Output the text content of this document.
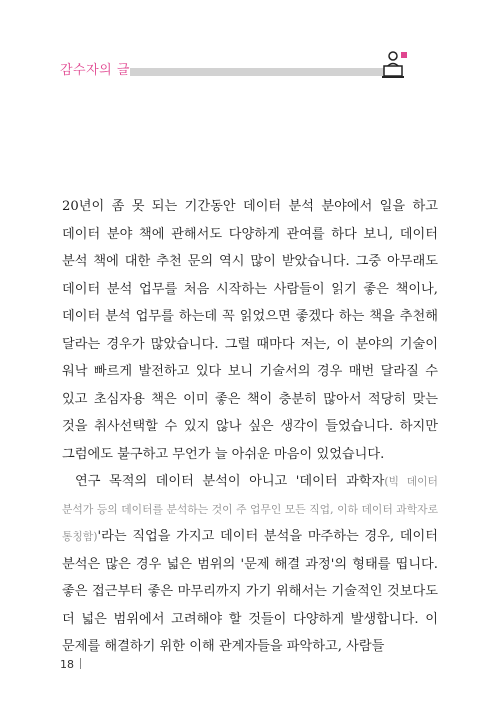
감수자의 글

20년이 좀 못 되는 기간동안 데이터 분석 분야에서 일을 하고 데이터 분야 책에 관해서도 다양하게 관여를 하다 보니, 데이터 분석 책에 대한 추천 문의 역시 많이 받았습니다. 그중 아무래도 데이터 분석 업무를 처음 시작하는 사람들이 읽기 좋은 책이나, 데이터 분석 업무를 하는데 꼭 읽었으면 좋겠다 하는 책을 추천해 달라는 경우가 많았습니다. 그럴 때마다 저는, 이 분야의 기술이 워낙 빠르게 발전하고 있다 보니 기술서의 경우 매번 달라질 수 있고 초심자용 책은 이미 좋은 책이 충분히 많아서 적당히 맞는 것을 취사선택할 수 있지 않나 싶은 생각이 들었습니다. 하지만 그럼에도 불구하고 무언가 늘 아쉬운 마음이 있었습니다.

연구 목적의 데이터 분석이 아니고 '데이터 과학자(빅 데이터 분석가 등의 데이터를 분석하는 것이 주 업무인 모든 직업, 이하 데이터 과학자로 통칭함)'라는 직업을 가지고 데이터 분석을 마주하는 경우, 데이터 분석은 많은 경우 넓은 범위의 '문제 해결 과정'의 형태를 띱니다. 좋은 접근부터 좋은 마무리까지 가기 위해서는 기술적인 것보다도 더 넓은 범위에서 고려해야 할 것들이 다양하게 발생합니다. 이 문제를 해결하기 위한 이해 관계자들을 파악하고, 사람들

18
